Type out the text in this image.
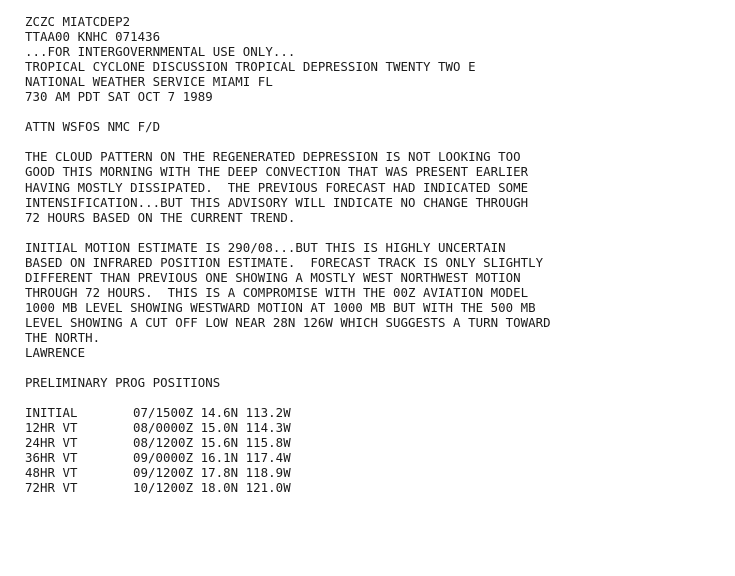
ZCZC MIATCDEP2
TTAA00 KNHC 071436
...FOR INTERGOVERNMENTAL USE ONLY...
TROPICAL CYCLONE DISCUSSION TROPICAL DEPRESSION TWENTY TWO E
NATIONAL WEATHER SERVICE MIAMI FL
730 AM PDT SAT OCT 7 1989
ATTN WSFOS NMC F/D
THE CLOUD PATTERN ON THE REGENERATED DEPRESSION IS NOT LOOKING TOO
GOOD THIS MORNING WITH THE DEEP CONVECTION THAT WAS PRESENT EARLIER
HAVING MOSTLY DISSIPATED.  THE PREVIOUS FORECAST HAD INDICATED SOME
INTENSIFICATION...BUT THIS ADVISORY WILL INDICATE NO CHANGE THROUGH
72 HOURS BASED ON THE CURRENT TREND.
INITIAL MOTION ESTIMATE IS 290/08...BUT THIS IS HIGHLY UNCERTAIN
BASED ON INFRARED POSITION ESTIMATE.  FORECAST TRACK IS ONLY SLIGHTLY
DIFFERENT THAN PREVIOUS ONE SHOWING A MOSTLY WEST NORTHWEST MOTION
THROUGH 72 HOURS.  THIS IS A COMPROMISE WITH THE 00Z AVIATION MODEL
1000 MB LEVEL SHOWING WESTWARD MOTION AT 1000 MB BUT WITH THE 500 MB
LEVEL SHOWING A CUT OFF LOW NEAR 28N 126W WHICH SUGGESTS A TURN TOWARD
THE NORTH.
LAWRENCE
PRELIMINARY PROG POSITIONS
INITIAL	07/1500Z 14.6N 113.2W
12HR VT	08/0000Z 15.0N 114.3W
24HR VT	08/1200Z 15.6N 115.8W
36HR VT	09/0000Z 16.1N 117.4W
48HR VT	09/1200Z 17.8N 118.9W
72HR VT	10/1200Z 18.0N 121.0W
